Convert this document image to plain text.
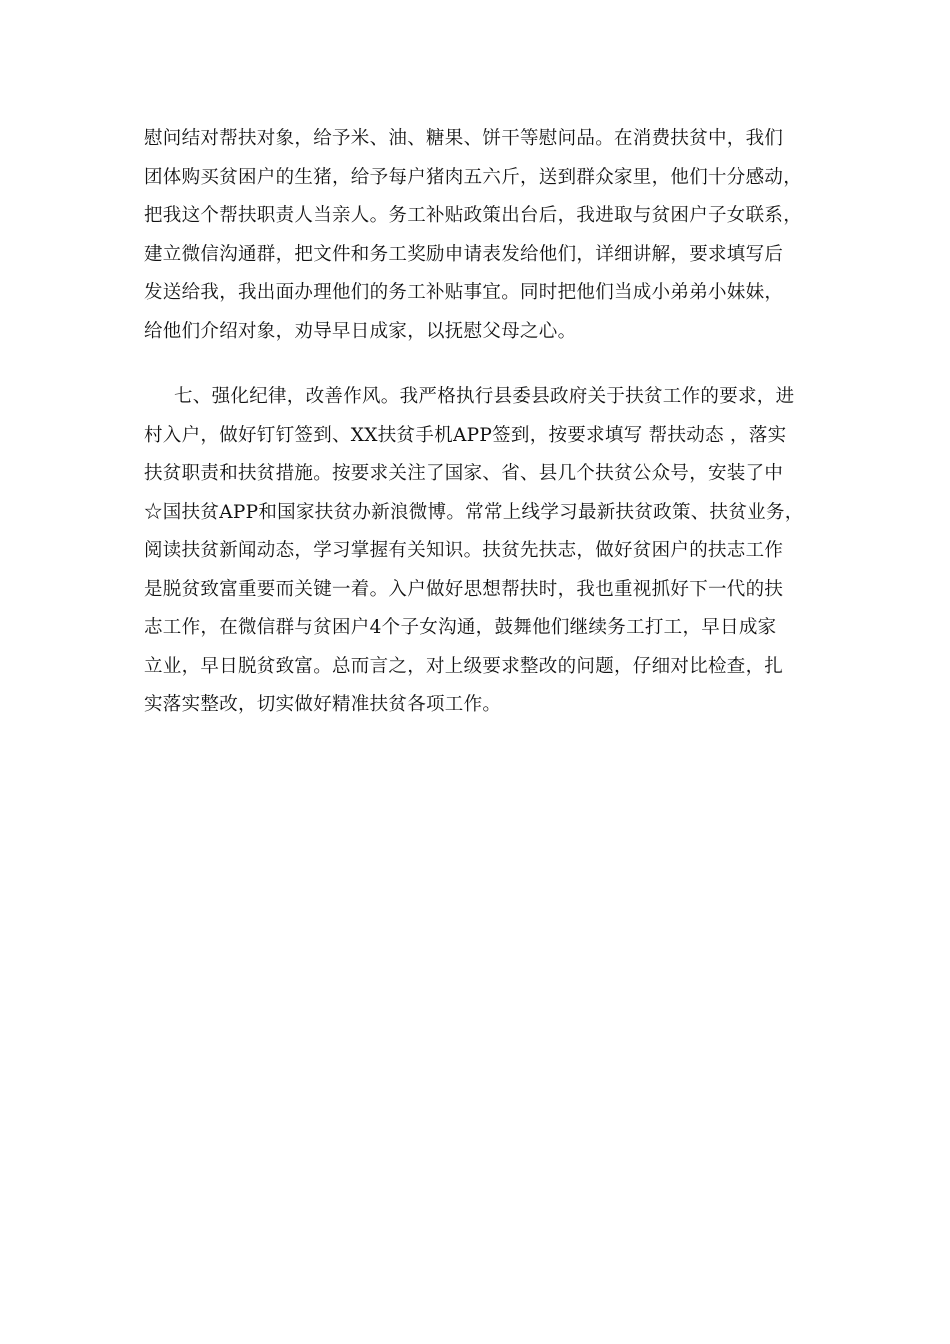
慰问结对帮扶对象，给予米、油、糖果、饼干等慰问品。在消费扶贫中，我们
团体购买贫困户的生猪，给予每户猪肉五六斤，送到群众家里，他们十分感动，
把我这个帮扶职责人当亲人。务工补贴政策出台后，我进取与贫困户子女联系，
建立微信沟通群，把文件和务工奖励申请表发给他们，详细讲解，要求填写后
发送给我，我出面办理他们的务工补贴事宜。同时把他们当成小弟弟小妹妹，
给他们介绍对象，劝导早日成家，以抚慰父母之心。
七、强化纪律，改善作风。我严格执行县委县政府关于扶贫工作的要求，进
村入户，做好钉钉签到、XX扶贫手机APP签到，按要求填写 帮扶动态 ，落实
扶贫职责和扶贫措施。按要求关注了国家、省、县几个扶贫公众号，安装了中
☆国扶贫APP和国家扶贫办新浪微博。常常上线学习最新扶贫政策、扶贫业务，
阅读扶贫新闻动态，学习掌握有关知识。扶贫先扶志，做好贫困户的扶志工作
是脱贫致富重要而关键一着。入户做好思想帮扶时，我也重视抓好下一代的扶
志工作，在微信群与贫困户4个子女沟通，鼓舞他们继续务工打工，早日成家
立业，早日脱贫致富。总而言之，对上级要求整改的问题，仔细对比检查，扎
实落实整改，切实做好精准扶贫各项工作。
